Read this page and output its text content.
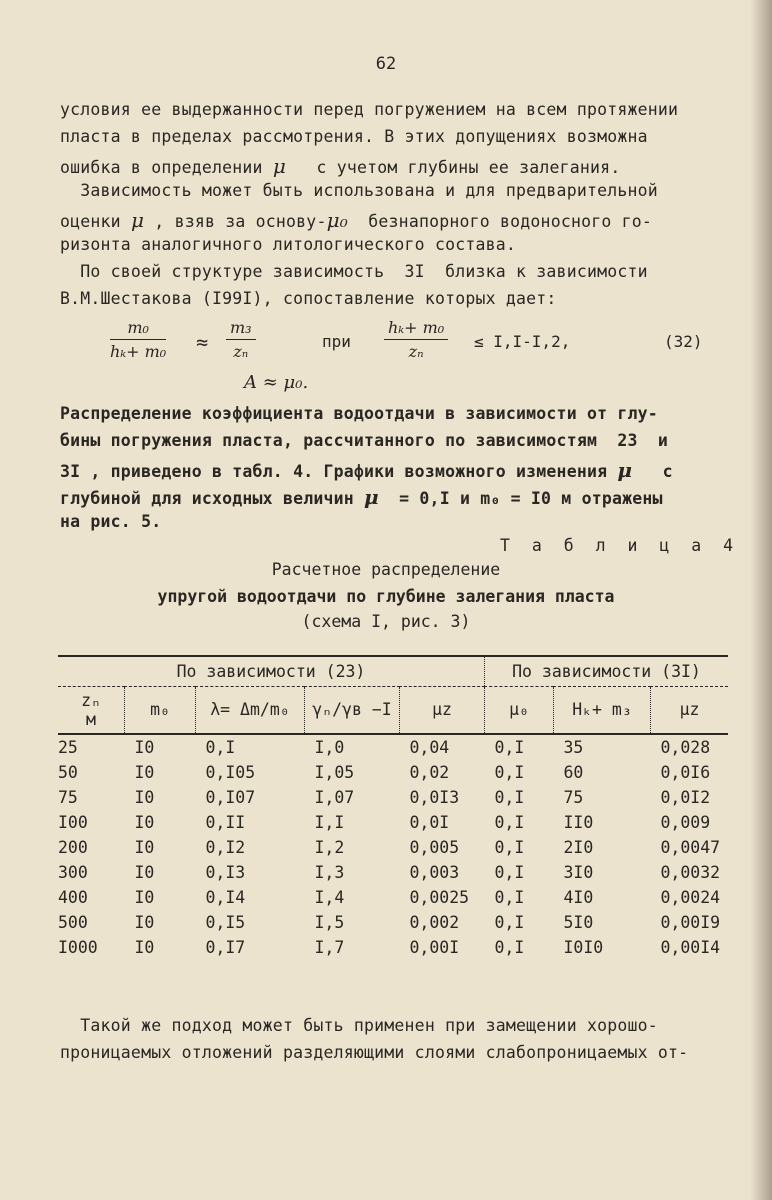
62
условия ее выдержанности перед погружением на всем протяжении
пласта в пределах рассмотрения. В этих допущениях возможна
ошибка в определении μ с учетом глубины ее залегания.
Зависимость может быть использована и для предварительной
оценки μ , взяв за основу-μ₀ безнапорного водоносного го-
ризонта аналогичного литологического состава.
По своей структуре зависимость  3I  близка к зависимости
В.М.Шестакова (I99I), сопоставление которых дает:
$\frac{\text{m₀}}{\text{hₖ+ m₀}} \approx \frac{\text{m₃}}{\text{zₙ}}$	при $\frac{\text{hₖ+ m₀}}{\text{zₙ}} \le I,I-I,2$,	(32)
A ≈ μ₀.
Распределение коэффициента водоотдачи в зависимости от глу-
бины погружения пласта, рассчитанного по зависимостям  23  и
3I , приведено в табл. 4. Графики возможного изменения μ с
глубиной для исходных величин μ = 0,I и m₀ = I0 м отражены
на рис. 5.
Т а б л и ц а 4
Расчетное распределение
упругой водоотдачи по глубине залегания пласта
(схема I, рис. 3)
По зависимости (23)					По зависимости (3I)		
zₙ
м	m₀	λ= Δm/m₀	γₙ/γв −I	μz	μ₀	Hₖ+ m₃	μz
25	I0	0,I	I,0	0,04	0,I	35	0,028
50	I0	0,I05	I,05	0,02	0,I	60	0,0I6
75	I0	0,I07	I,07	0,0I3	0,I	75	0,0I2
I00	I0	0,II	I,I	0,0I	0,I	II0	0,009
200	I0	0,I2	I,2	0,005	0,I	2I0	0,0047
300	I0	0,I3	I,3	0,003	0,I	3I0	0,0032
400	I0	0,I4	I,4	0,0025	0,I	4I0	0,0024
500	I0	0,I5	I,5	0,002	0,I	5I0	0,00I9
I000	I0	0,I7	I,7	0,00I	0,I	I0I0	0,00I4
Такой же подход может быть применен при замещении хорошо-
проницаемых отложений разделяющими слоями слабопроницаемых от-
